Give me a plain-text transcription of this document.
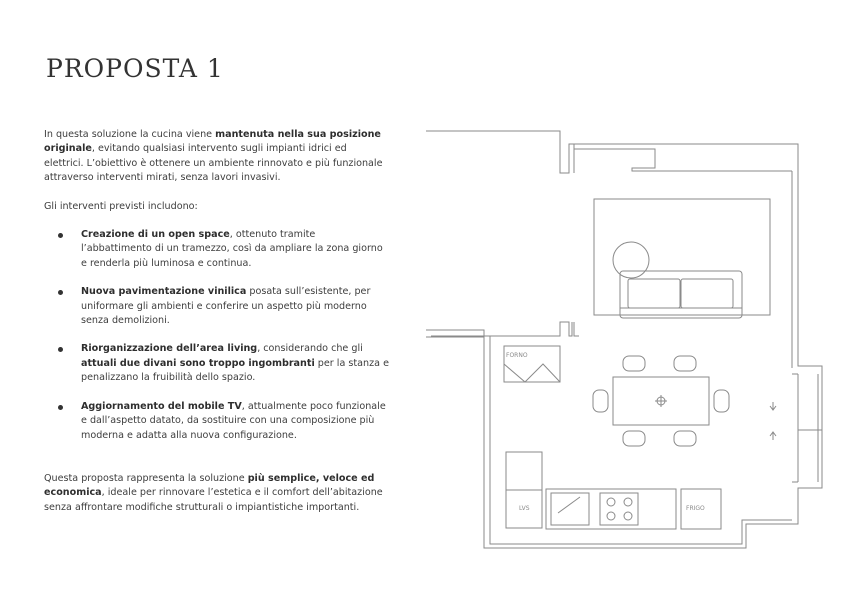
PROPOSTA 1

In questa soluzione la cucina viene mantenuta nella sua posizione originale, evitando qualsiasi intervento sugli impianti idrici ed elettrici. L’obiettivo è ottenere un ambiente rinnovato e più funzionale attraverso interventi mirati, senza lavori invasivi.

Gli interventi previsti includono:

Creazione di un open space, ottenuto tramite l’abbattimento di un tramezzo, così da ampliare la zona giorno e renderla più luminosa e continua.
Nuova pavimentazione vinilica posata sull’esistente, per uniformare gli ambienti e conferire un aspetto più moderno senza demolizioni.
Riorganizzazione dell’area living, considerando che gli attuali due divani sono troppo ingombranti per la stanza e penalizzano la fruibilità dello spazio.
Aggiornamento del mobile TV, attualmente poco funzionale e dall’aspetto datato, da sostituire con una composizione più moderna e adatta alla nuova configurazione.

Questa proposta rappresenta la soluzione più semplice, veloce ed economica, ideale per rinnovare l’estetica e il comfort dell’abitazione senza affrontare modifiche strutturali o impiantistiche importanti.

FORNO
LVS	FRIGO
